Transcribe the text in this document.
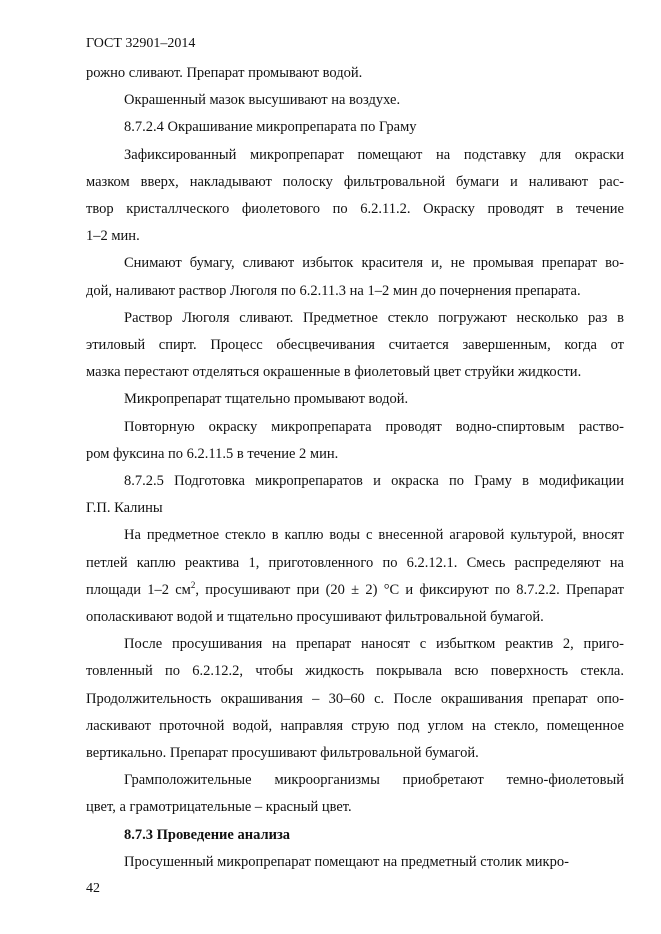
ГОСТ 32901–2014
рожно сливают. Препарат промывают водой.
Окрашенный мазок высушивают на воздухе.
8.7.2.4 Окрашивание микропрепарата по Граму
Зафиксированный микропрепарат помещают на подставку для окраски
мазком вверх, накладывают полоску фильтровальной бумаги и наливают рас-
твор кристаллческого фиолетового по 6.2.11.2. Окраску проводят в течение
1–2 мин.
Снимают бумагу, сливают избыток красителя и, не промывая препарат во-
дой, наливают раствор Люголя по 6.2.11.3 на 1–2 мин до почернения препарата.
Раствор Люголя сливают. Предметное стекло погружают несколько раз в
этиловый спирт. Процесс обесцвечивания считается завершенным, когда от
мазка перестают отделяться окрашенные в фиолетовый цвет струйки жидкости.
Микропрепарат тщательно промывают водой.
Повторную окраску микропрепарата проводят водно-спиртовым раство-
ром фуксина по 6.2.11.5 в течение 2 мин.
8.7.2.5 Подготовка микропрепаратов и окраска по Граму в модификации
Г.П. Калины
На предметное стекло в каплю воды с внесенной агаровой культурой, вносят
петлей каплю реактива 1, приготовленного по 6.2.12.1. Смесь распределяют на
площади 1–2 $см^2$, просушивают при (20 ± 2) °С и фиксируют по 8.7.2.2. Препарат
ополаскивают водой и тщательно просушивают фильтровальной бумагой.
После просушивания на препарат наносят с избытком реактив 2, приго-
товленный по 6.2.12.2, чтобы жидкость покрывала всю поверхность стекла.
Продолжительность окрашивания – 30–60 с. После окрашивания препарат опо-
ласкивают проточной водой, направляя струю под углом на стекло, помещенное
вертикально. Препарат просушивают фильтровальной бумагой.
Грамположительные микроорганизмы приобретают темно-фиолетовый
цвет, а грамотрицательные – красный цвет.
8.7.3 Проведение анализа
Просушенный микропрепарат помещают на предметный столик микро-
42
